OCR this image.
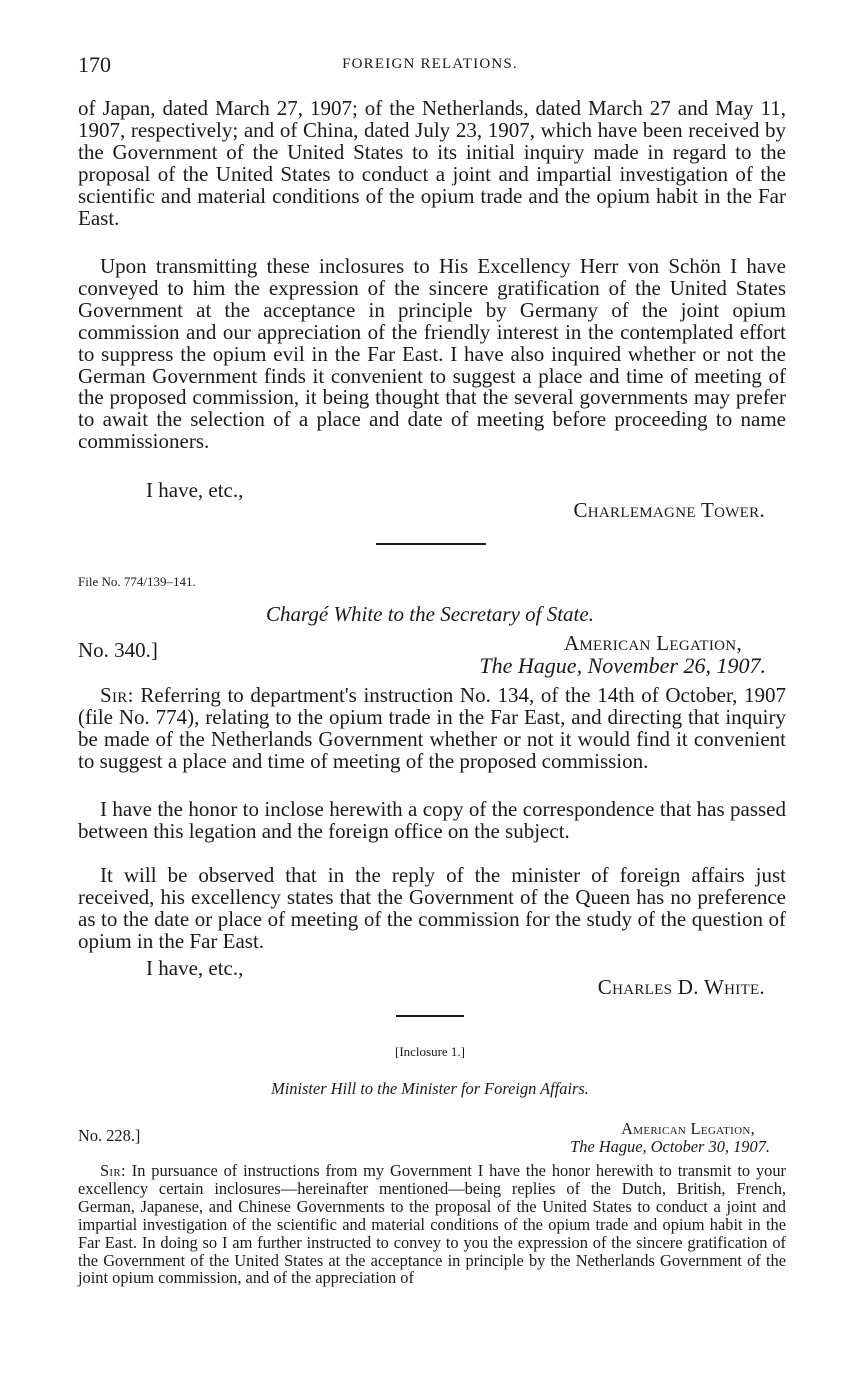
170	FOREIGN RELATIONS.
of Japan, dated March 27, 1907; of the Netherlands, dated March 27 and May 11, 1907, respectively; and of China, dated July 23, 1907, which have been received by the Government of the United States to its initial inquiry made in regard to the proposal of the United States to conduct a joint and impartial investigation of the scientific and material conditions of the opium trade and the opium habit in the Far East.
Upon transmitting these inclosures to His Excellency Herr von Schön I have conveyed to him the expression of the sincere gratification of the United States Government at the acceptance in principle by Germany of the joint opium commission and our appreciation of the friendly interest in the contemplated effort to suppress the opium evil in the Far East. I have also inquired whether or not the German Government finds it convenient to suggest a place and time of meeting of the proposed commission, it being thought that the several governments may prefer to await the selection of a place and date of meeting before proceeding to name commissioners.
I have, etc.,
Charlemagne Tower.
File No. 774/139–141.
Chargé White to the Secretary of State.
No. 340.]	American Legation,
The Hague, November 26, 1907.
Sir: Referring to department's instruction No. 134, of the 14th of October, 1907 (file No. 774), relating to the opium trade in the Far East, and directing that inquiry be made of the Netherlands Government whether or not it would find it convenient to suggest a place and time of meeting of the proposed commission.
I have the honor to inclose herewith a copy of the correspondence that has passed between this legation and the foreign office on the subject.
It will be observed that in the reply of the minister of foreign affairs just received, his excellency states that the Government of the Queen has no preference as to the date or place of meeting of the commission for the study of the question of opium in the Far East.
I have, etc.,
Charles D. White.
[Inclosure 1.]
Minister Hill to the Minister for Foreign Affairs.
No. 228.]	American Legation,
The Hague, October 30, 1907.
Sir: In pursuance of instructions from my Government I have the honor herewith to transmit to your excellency certain inclosures—hereinafter mentioned—being replies of the Dutch, British, French, German, Japanese, and Chinese Governments to the proposal of the United States to conduct a joint and impartial investigation of the scientific and material conditions of the opium trade and opium habit in the Far East. In doing so I am further instructed to convey to you the expression of the sincere gratification of the Government of the United States at the acceptance in principle by the Netherlands Government of the joint opium commission, and of the appreciation of
